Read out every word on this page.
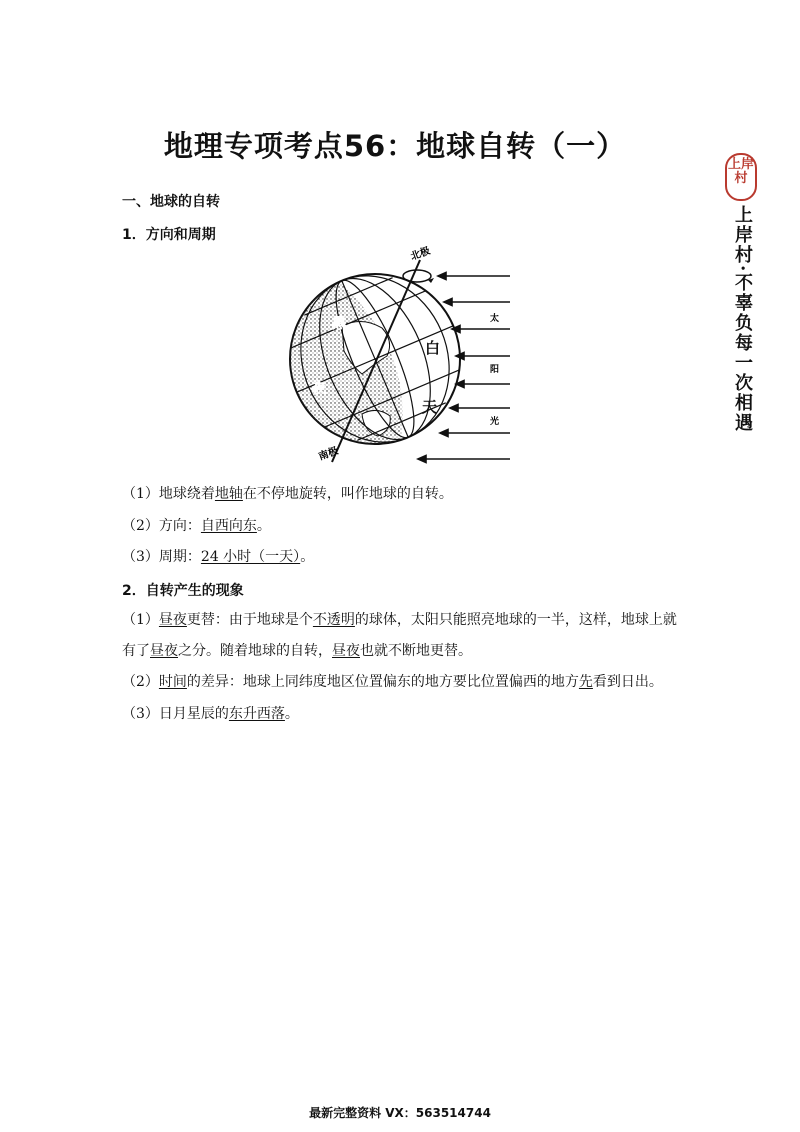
地理专项考点56：地球自转（一）
上岸
村
上岸村·不辜负每一次相遇
一、地球的自转
1．方向和周期
北极
南极
黑
夜
白
天
太
阳
光
（1）地球绕着地轴在不停地旋转，叫作地球的自转。
（2）方向：自西向东。
（3）周期：24 小时（一天）。
2．自转产生的现象
（1）昼夜更替：由于地球是个不透明的球体，太阳只能照亮地球的一半，这样，地球上就
有了昼夜之分。随着地球的自转，昼夜也就不断地更替。
（2）时间的差异：地球上同纬度地区位置偏东的地方要比位置偏西的地方先看到日出。
（3）日月星辰的东升西落。
最新完整资料 VX：563514744
